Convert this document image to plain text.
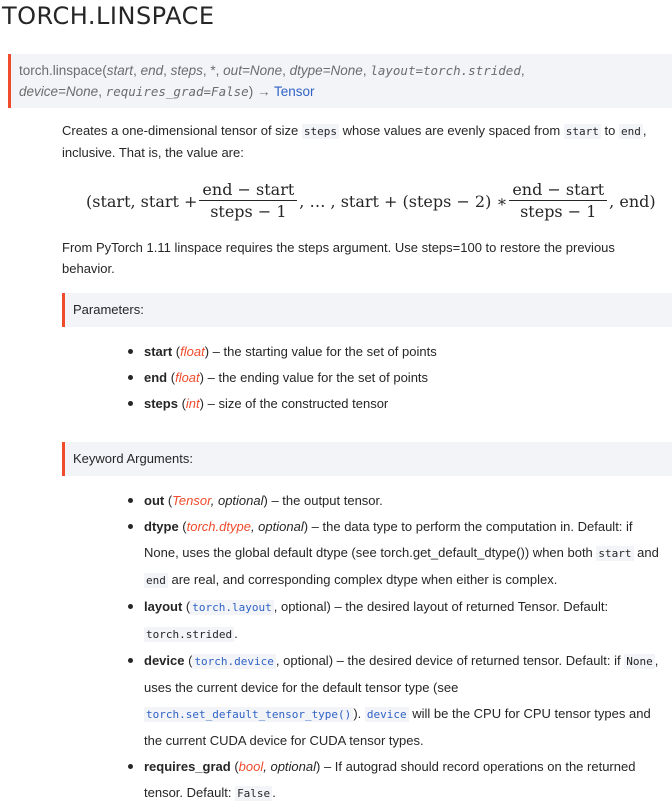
TORCH.LINSPACE
torch.linspace(start, end, steps, *, out=None, dtype=None, layout=torch.strided,
device=None, requires_grad=False) → Tensor

Creates a one-dimensional tensor of size steps whose values are evenly spaced from start to end , inclusive. That is, the value are:

(start, start + $\frac{\text{end − start}}{\text{steps − 1}}$ , … , start + (steps − 2) ∗ $\frac{\text{end − start}}{\text{steps − 1}}$ , end)

From PyTorch 1.11 linspace requires the steps argument. Use steps=100 to restore the previous behavior.

Parameters:
start (float) – the starting value for the set of points
end (float) – the ending value for the set of points
steps (int) – size of the constructed tensor
Keyword Arguments:
out (Tensor, optional) – the output tensor.
dtype (torch.dtype, optional) – the data type to perform the computation in. Default: if None, uses the global default dtype (see torch.get_default_dtype()) when both start and end are real, and corresponding complex dtype when either is complex.
layout ( torch.layout , optional) – the desired layout of returned Tensor. Default: torch.strided .
device ( torch.device , optional) – the desired device of returned tensor. Default: if None , uses the current device for the default tensor type (see torch.set_default_tensor_type() ). device will be the CPU for CPU tensor types and the current CUDA device for CUDA tensor types.
requires_grad (bool, optional) – If autograd should record operations on the returned tensor. Default: False .
